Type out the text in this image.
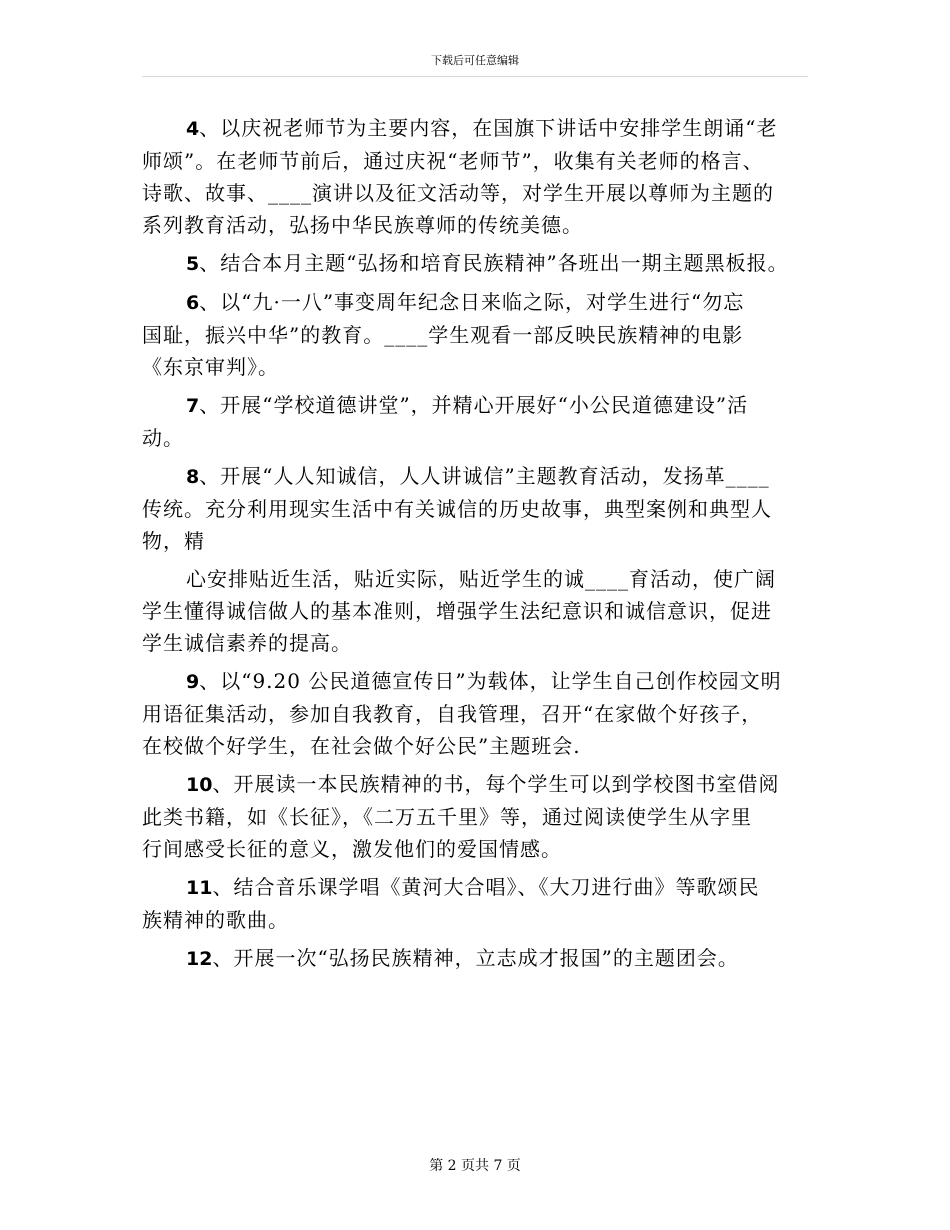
下载后可任意编辑
4、以庆祝老师节为主要内容，在国旗下讲话中安排学生朗诵“老
师颂”。在老师节前后，通过庆祝“老师节”，收集有关老师的格言、
诗歌、故事、____演讲以及征文活动等，对学生开展以尊师为主题的
系列教育活动，弘扬中华民族尊师的传统美德。
5、结合本月主题“弘扬和培育民族精神”各班出一期主题黑板报。
6、以“九·一八”事变周年纪念日来临之际，对学生进行“勿忘
国耻，振兴中华”的教育。____学生观看一部反映民族精神的电影
《东京审判》。
7、开展“学校道德讲堂”，并精心开展好“小公民道德建设”活
动。
8、开展“人人知诚信，人人讲诚信”主题教育活动，发扬革____
传统。充分利用现实生活中有关诚信的历史故事，典型案例和典型人
物，精
心安排贴近生活，贴近实际，贴近学生的诚____育活动，使广阔
学生懂得诚信做人的基本准则，增强学生法纪意识和诚信意识，促进
学生诚信素养的提高。
9、以“9.20 公民道德宣传日”为载体，让学生自己创作校园文明
用语征集活动，参加自我教育，自我管理，召开“在家做个好孩子，
在校做个好学生，在社会做个好公民”主题班会.
10、开展读一本民族精神的书，每个学生可以到学校图书室借阅
此类书籍，如《长征》，《二万五千里》等，通过阅读使学生从字里
行间感受长征的意义，激发他们的爱国情感。
11、结合音乐课学唱《黄河大合唱》、《大刀进行曲》等歌颂民
族精神的歌曲。
12、开展一次“弘扬民族精神，立志成才报国”的主题团会。
第 2 页共 7 页
